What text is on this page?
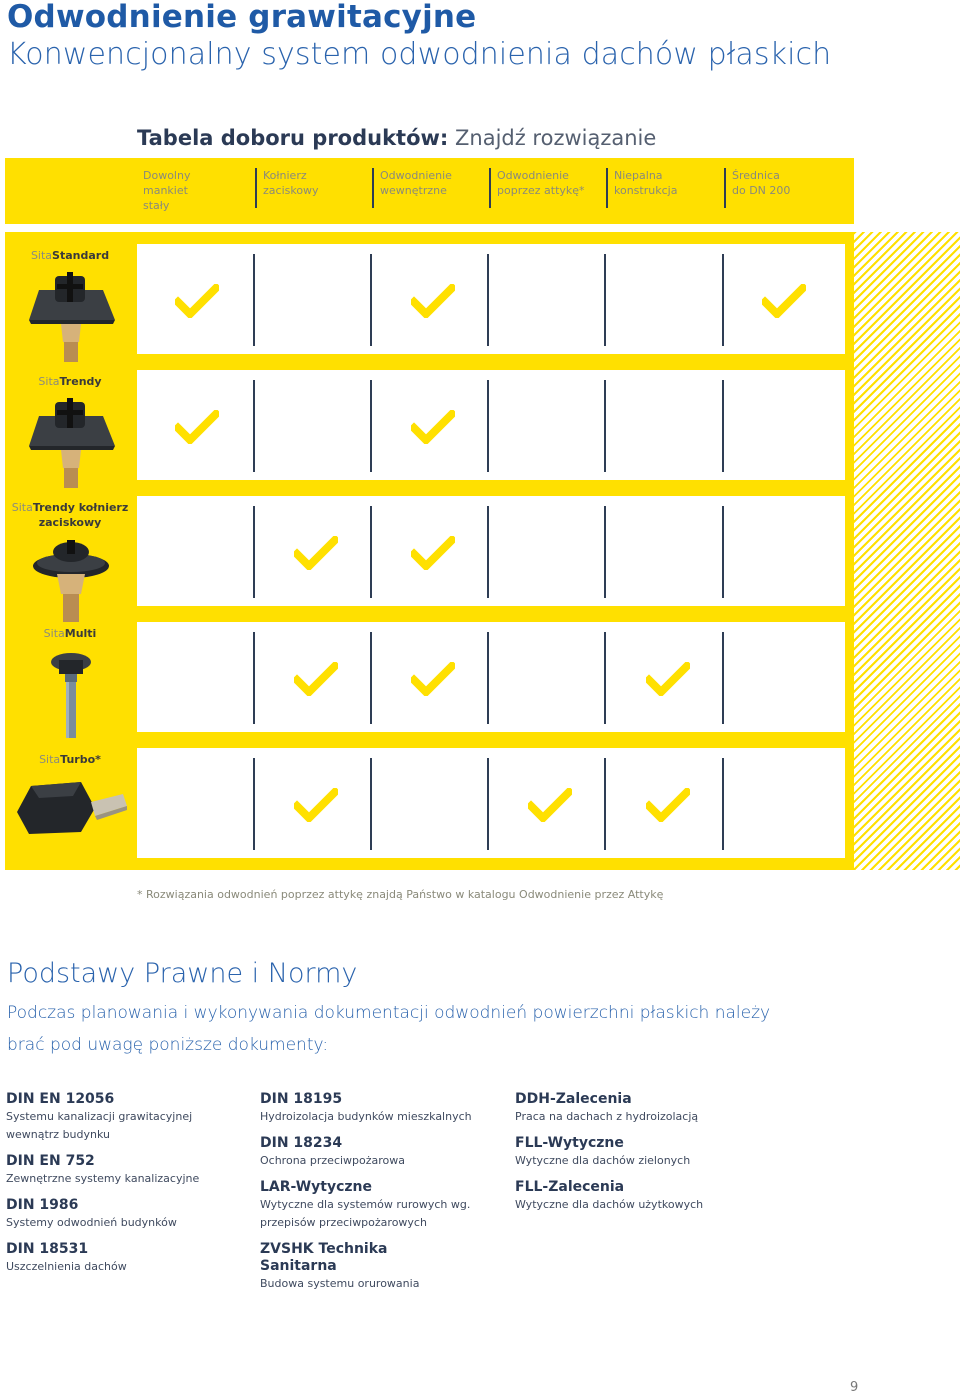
Odwodnienie grawitacyjne
Konwencjonalny system odwodnienia dachów płaskich
Tabela doboru produktów: Znajdź rozwiązanie
Dowolny
mankiet
stały
Kołnierz
zaciskowy
Odwodnienie
wewnętrzne
Odwodnienie
poprzez attykę*
Niepalna
konstrukcja
Średnica
do DN 200
SitaStandard
SitaTrendy
SitaTrendy kołnierz
zaciskowy
SitaMulti
SitaTurbo*
* Rozwiązania odwodnień poprzez attykę znajdą Państwo w katalogu Odwodnienie przez Attykę
Podstawy Prawne i Normy
Podczas planowania i wykonywania dokumentacji odwodnień powierzchni płaskich należy brać pod uwagę poniższe dokumenty:
DIN EN 12056
Systemu kanalizacji grawitacyjnej
wewnątrz budynku
DIN EN 752
Zewnętrzne systemy kanalizacyjne
DIN 1986
Systemy odwodnień budynków
DIN 18531
Uszczelnienia dachów
DIN 18195
Hydroizolacja budynków mieszkalnych
DIN 18234
Ochrona przeciwpożarowa
LAR-Wytyczne
Wytyczne dla systemów rurowych wg.
przepisów przeciwpożarowych
ZVSHK Technika Sanitarna
Budowa systemu orurowania
DDH-Zalecenia
Praca na dachach z hydroizolacją
FLL-Wytyczne
Wytyczne dla dachów zielonych
FLL-Zalecenia
Wytyczne dla dachów użytkowych
9
